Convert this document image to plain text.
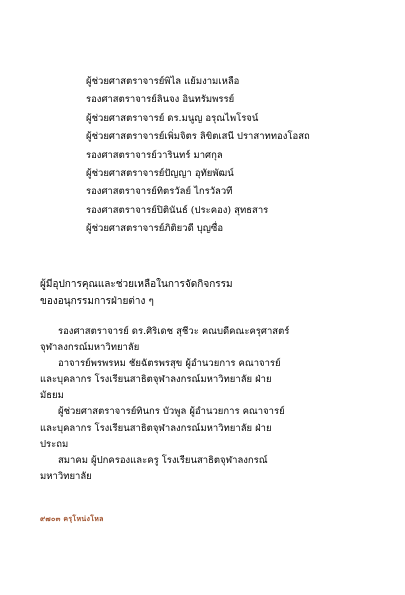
ผู้ช่วยศาสตราจารย์พิไล แย้มงามเหลือ
รองศาสตราจารย์ลินจง อินทรัมพรรย์
ผู้ช่วยศาสตราจารย์ ดร.มนูญ อรุณไพโรจน์
ผู้ช่วยศาสตราจารย์เพิ่มจิตร ลิขิตเสนี ปราสาททองโอสถ
รองศาสตราจารย์วารินทร์ มาศกุล
ผู้ช่วยศาสตราจารย์ปัญญา อุทัยพัฒน์
รองศาสตราจารย์ทิตรวัลย์ ไกรวัลวที
รองศาสตราจารย์ปิตินันธ์ (ประคอง) สุทธสาร
ผู้ช่วยศาสตราจารย์ภิติยวดี บุญซื่อ
ผู้มีอุปการคุณและช่วยเหลือในการจัดกิจกรรม
ของอนุกรรมการฝ่ายต่าง ๆ
รองศาสตราจารย์ ดร.ศิริเดช สุชีวะ คณบดีคณะครุศาสตร์
จุฬาลงกรณ์มหาวิทยาลัย
อาจารย์พรพรหม ชัยฉัตรพรสุข ผู้อำนวยการ คณาจารย์
และบุคลากร โรงเรียนสาธิตจุฬาลงกรณ์มหาวิทยาลัย ฝ่าย
มัธยม
ผู้ช่วยศาสตราจารย์ทินกร บัวพูล ผู้อำนวยการ คณาจารย์
และบุคลากร โรงเรียนสาธิตจุฬาลงกรณ์มหาวิทยาลัย ฝ่าย
ประถม
สมาคม ผู้ปกครองและครู โรงเรียนสาธิตจุฬาลงกรณ์
มหาวิทยาลัย
๙๗๐๓ ครุโหน่งโหล
